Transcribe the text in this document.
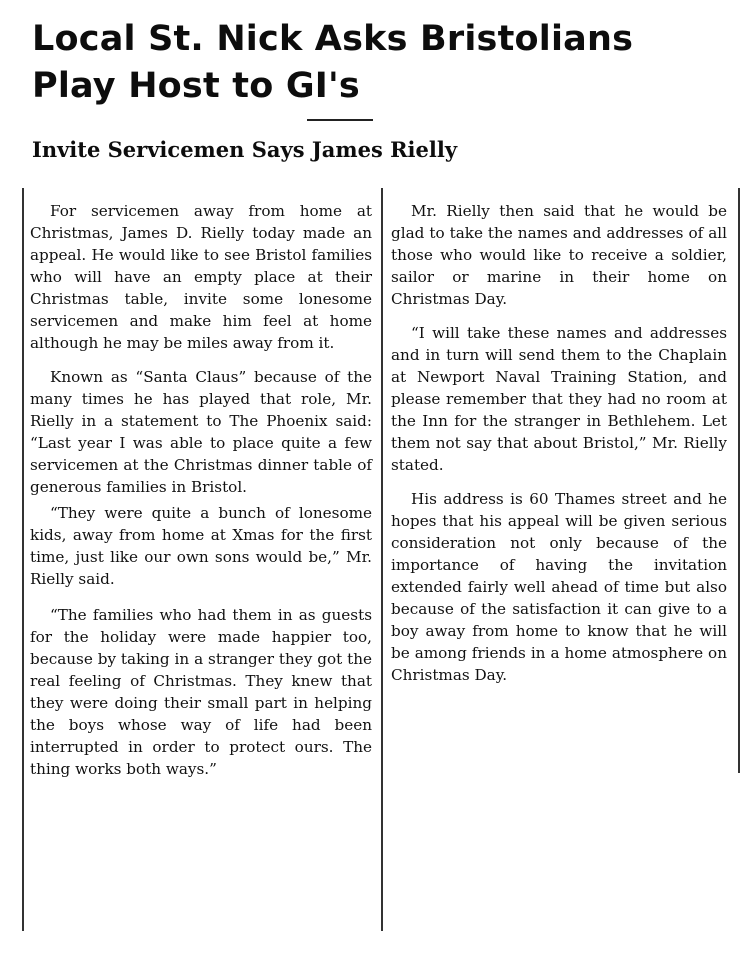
Local St. Nick Asks Bristolians
Play Host to GI's
Invite Servicemen Says James Rielly

For servicemen away from home at Christmas, James D. Rielly today made an appeal. He would like to see Bristol families who will have an empty place at their Christmas table, invite some lonesome servicemen and make him feel at home although he may be miles away from it.

Known as “Santa Claus” because of the many times he has played that role, Mr. Rielly in a statement to The Phoenix said: “Last year I was able to place quite a few servicemen at the Christmas dinner table of generous families in Bristol.

“They were quite a bunch of lonesome kids, away from home at Xmas for the first time, just like our own sons would be,” Mr. Rielly said.

“The families who had them in as guests for the holiday were made happier too, because by taking in a stranger they got the real feeling of Christmas. They knew that they were doing their small part in helping the boys whose way of life had been interrupted in order to protect ours. The thing works both ways.”

Mr. Rielly then said that he would be glad to take the names and addresses of all those who would like to receive a soldier, sailor or marine in their home on Christmas Day.

“I will take these names and addresses and in turn will send them to the Chaplain at Newport Naval Training Station, and please remember that they had no room at the Inn for the stranger in Bethlehem. Let them not say that about Bristol,” Mr. Rielly stated.

His address is 60 Thames street and he hopes that his appeal will be given serious consideration not only because of the importance of having the invitation extended fairly well ahead of time but also because of the satisfaction it can give to a boy away from home to know that he will be among friends in a home atmosphere on Christmas Day.
